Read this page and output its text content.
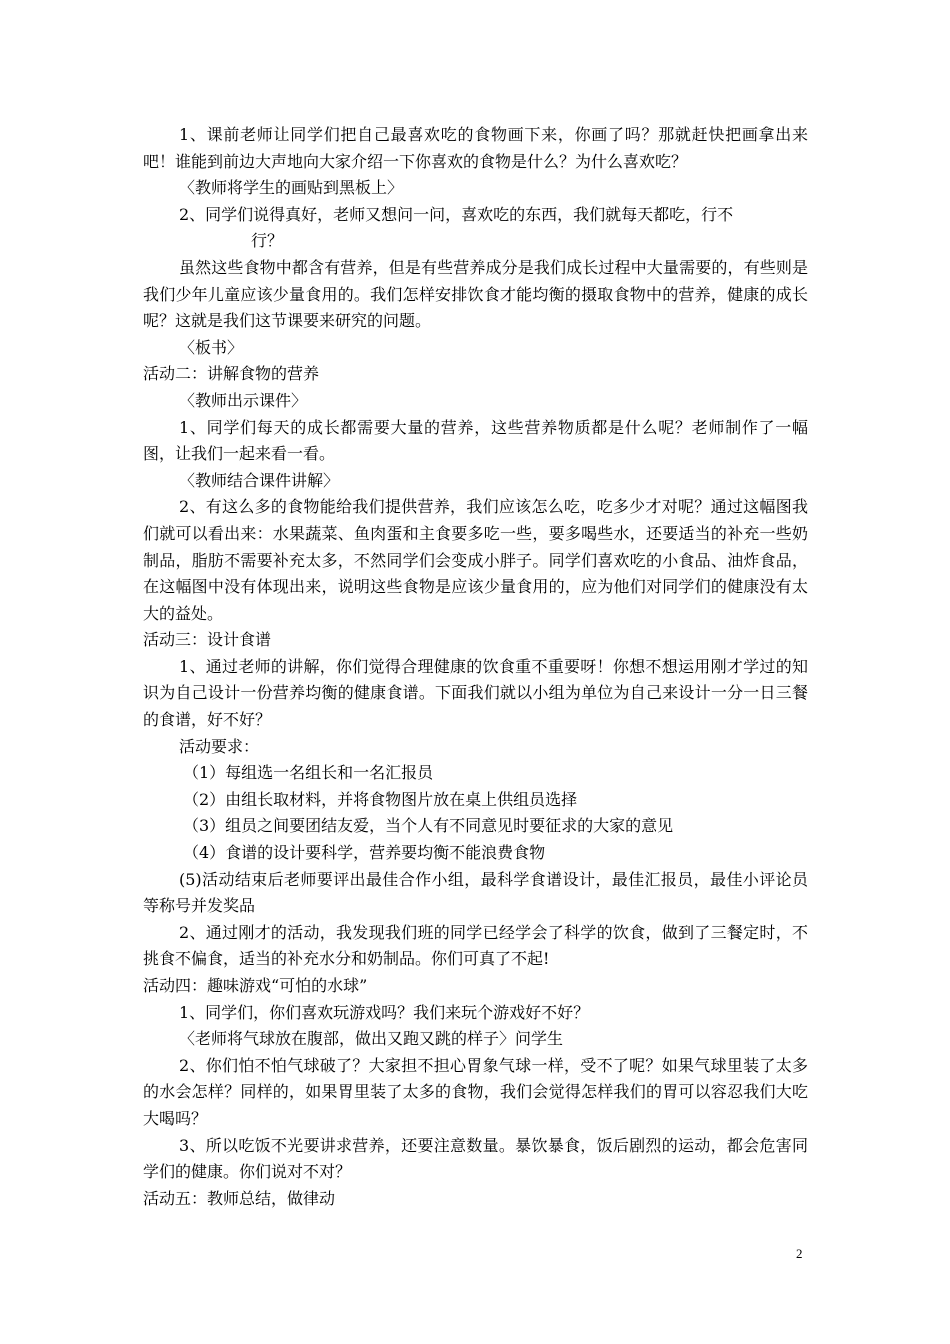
1、课前老师让同学们把自己最喜欢吃的食物画下来，你画了吗？那就赶快把画拿出来吧！谁能到前边大声地向大家介绍一下你喜欢的食物是什么？为什么喜欢吃？

〈教师将学生的画贴到黑板上〉

2、同学们说得真好，老师又想问一问，喜欢吃的东西，我们就每天都吃，行不
行？

虽然这些食物中都含有营养，但是有些营养成分是我们成长过程中大量需要的，有些则是我们少年儿童应该少量食用的。我们怎样安排饮食才能均衡的摄取食物中的营养，健康的成长呢？这就是我们这节课要来研究的问题。

〈板书〉

活动二：讲解食物的营养

〈教师出示课件〉

1、同学们每天的成长都需要大量的营养，这些营养物质都是什么呢？老师制作了一幅图，让我们一起来看一看。

〈教师结合课件讲解〉

2、有这么多的食物能给我们提供营养，我们应该怎么吃，吃多少才对呢？通过这幅图我们就可以看出来：水果蔬菜、鱼肉蛋和主食要多吃一些，要多喝些水，还要适当的补充一些奶制品，脂肪不需要补充太多，不然同学们会变成小胖子。同学们喜欢吃的小食品、油炸食品，在这幅图中没有体现出来，说明这些食物是应该少量食用的，应为他们对同学们的健康没有太大的益处。

活动三：设计食谱

1、通过老师的讲解，你们觉得合理健康的饮食重不重要呀！你想不想运用刚才学过的知识为自己设计一份营养均衡的健康食谱。下面我们就以小组为单位为自己来设计一分一日三餐的食谱，好不好？

活动要求：

（1）每组选一名组长和一名汇报员

（2）由组长取材料，并将食物图片放在桌上供组员选择

（3）组员之间要团结友爱，当个人有不同意见时要征求的大家的意见

（4）食谱的设计要科学，营养要均衡不能浪费食物

(5)活动结束后老师要评出最佳合作小组，最科学食谱设计，最佳汇报员，最佳小评论员等称号并发奖品

2、通过刚才的活动，我发现我们班的同学已经学会了科学的饮食，做到了三餐定时，不挑食不偏食，适当的补充水分和奶制品。你们可真了不起!

活动四：趣味游戏“可怕的水球”

1、同学们，你们喜欢玩游戏吗？我们来玩个游戏好不好？

〈老师将气球放在腹部，做出又跑又跳的样子〉问学生

2、你们怕不怕气球破了？大家担不担心胃象气球一样，受不了呢？如果气球里装了太多的水会怎样？同样的，如果胃里装了太多的食物，我们会觉得怎样我们的胃可以容忍我们大吃大喝吗？

3、所以吃饭不光要讲求营养，还要注意数量。暴饮暴食，饭后剧烈的运动，都会危害同学们的健康。你们说对不对？

活动五：教师总结，做律动

2
